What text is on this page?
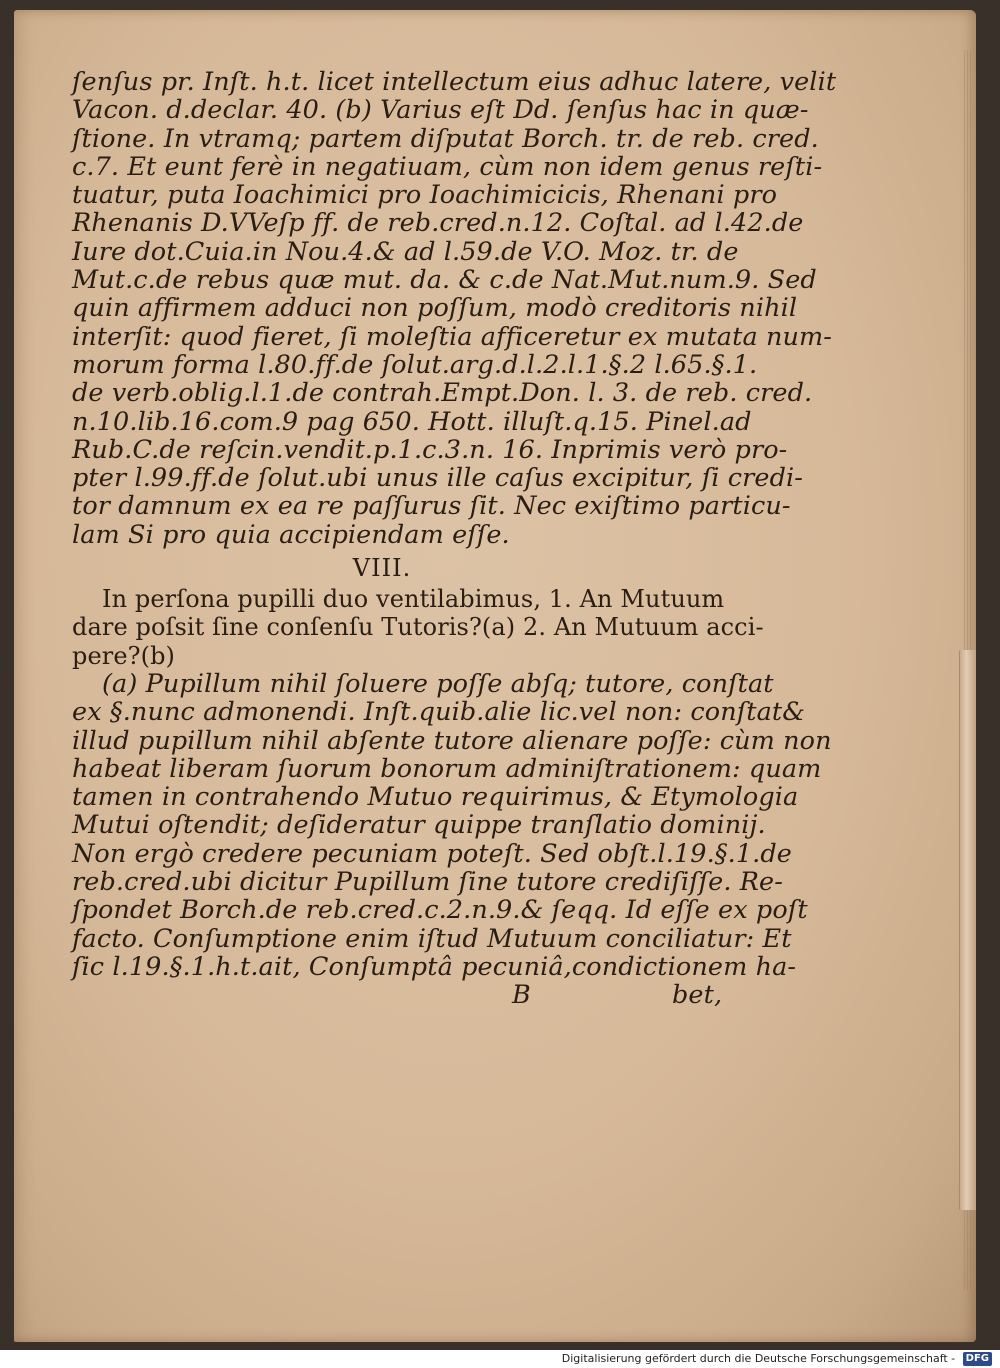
ſenſus pr. Inſt. h.t. licet intellectum eius adhuc latere, velit
Vacon. d.declar. 40. (b) Varius eſt Dd. ſenſus hac in quæ-
ſtione. In vtramq; partem diſputat Borch. tr. de reb. cred.
c.7. Et eunt ferè in negatiuam, cùm non idem genus reſti-
tuatur, puta Ioachimici pro Ioachimicicis, Rhenani pro
Rhenanis D.VVeſp ff. de reb.cred.n.12. Coſtal. ad l.42.de
Iure dot.Cuia.in Nou.4.& ad l.59.de V.O. Moz. tr. de
Mut.c.de rebus quæ mut. da. & c.de Nat.Mut.num.9. Sed
quin affirmem adduci non poſſum, modò creditoris nihil
interſit: quod fieret, ſi moleſtia afficeretur ex mutata num-
morum forma l.80.ff.de ſolut.arg.d.l.2.l.1.§.2 l.65.§.1.
de verb.oblig.l.1.de contrah.Empt.Don. l. 3. de reb. cred.
n.10.lib.16.com.9 pag 650. Hott. illuſt.q.15. Pinel.ad
Rub.C.de reſcin.vendit.p.1.c.3.n. 16. Inprimis verò pro-
pter l.99.ff.de ſolut.ubi unus ille caſus excipitur, ſi credi-
tor damnum ex ea re paſſurus ſit. Nec exiſtimo particu-
lam Si pro quia accipiendam eſſe.
VIII.
In perſona pupilli duo ventilabimus, 1. An Mutuum
dare poſsit ſine conſenſu Tutoris?(a) 2. An Mutuum acci-
pere?(b)
(a) Pupillum nihil ſoluere poſſe abſq; tutore, conſtat
ex §.nunc admonendi. Inſt.quib.alie lic.vel non: conſtat&
illud pupillum nihil abſente tutore alienare poſſe: cùm non
habeat liberam ſuorum bonorum adminiſtrationem: quam
tamen in contrahendo Mutuo requirimus, & Etymologia
Mutui oſtendit; deſideratur quippe tranſlatio dominij.
Non ergò credere pecuniam poteſt. Sed obſt.l.19.§.1.de
reb.cred.ubi dicitur Pupillum ſine tutore crediſiſſe. Re-
ſpondet Borch.de reb.cred.c.2.n.9.& ſeqq. Id eſſe ex poſt
facto. Conſumptione enim iſtud Mutuum conciliatur: Et
ſic l.19.§.1.h.t.ait, Conſumptâ pecuniâ,condictionem ha-
B	bet,
Digitalisierung gefördert durch die Deutsche Forschungsgemeinschaft - DFG
